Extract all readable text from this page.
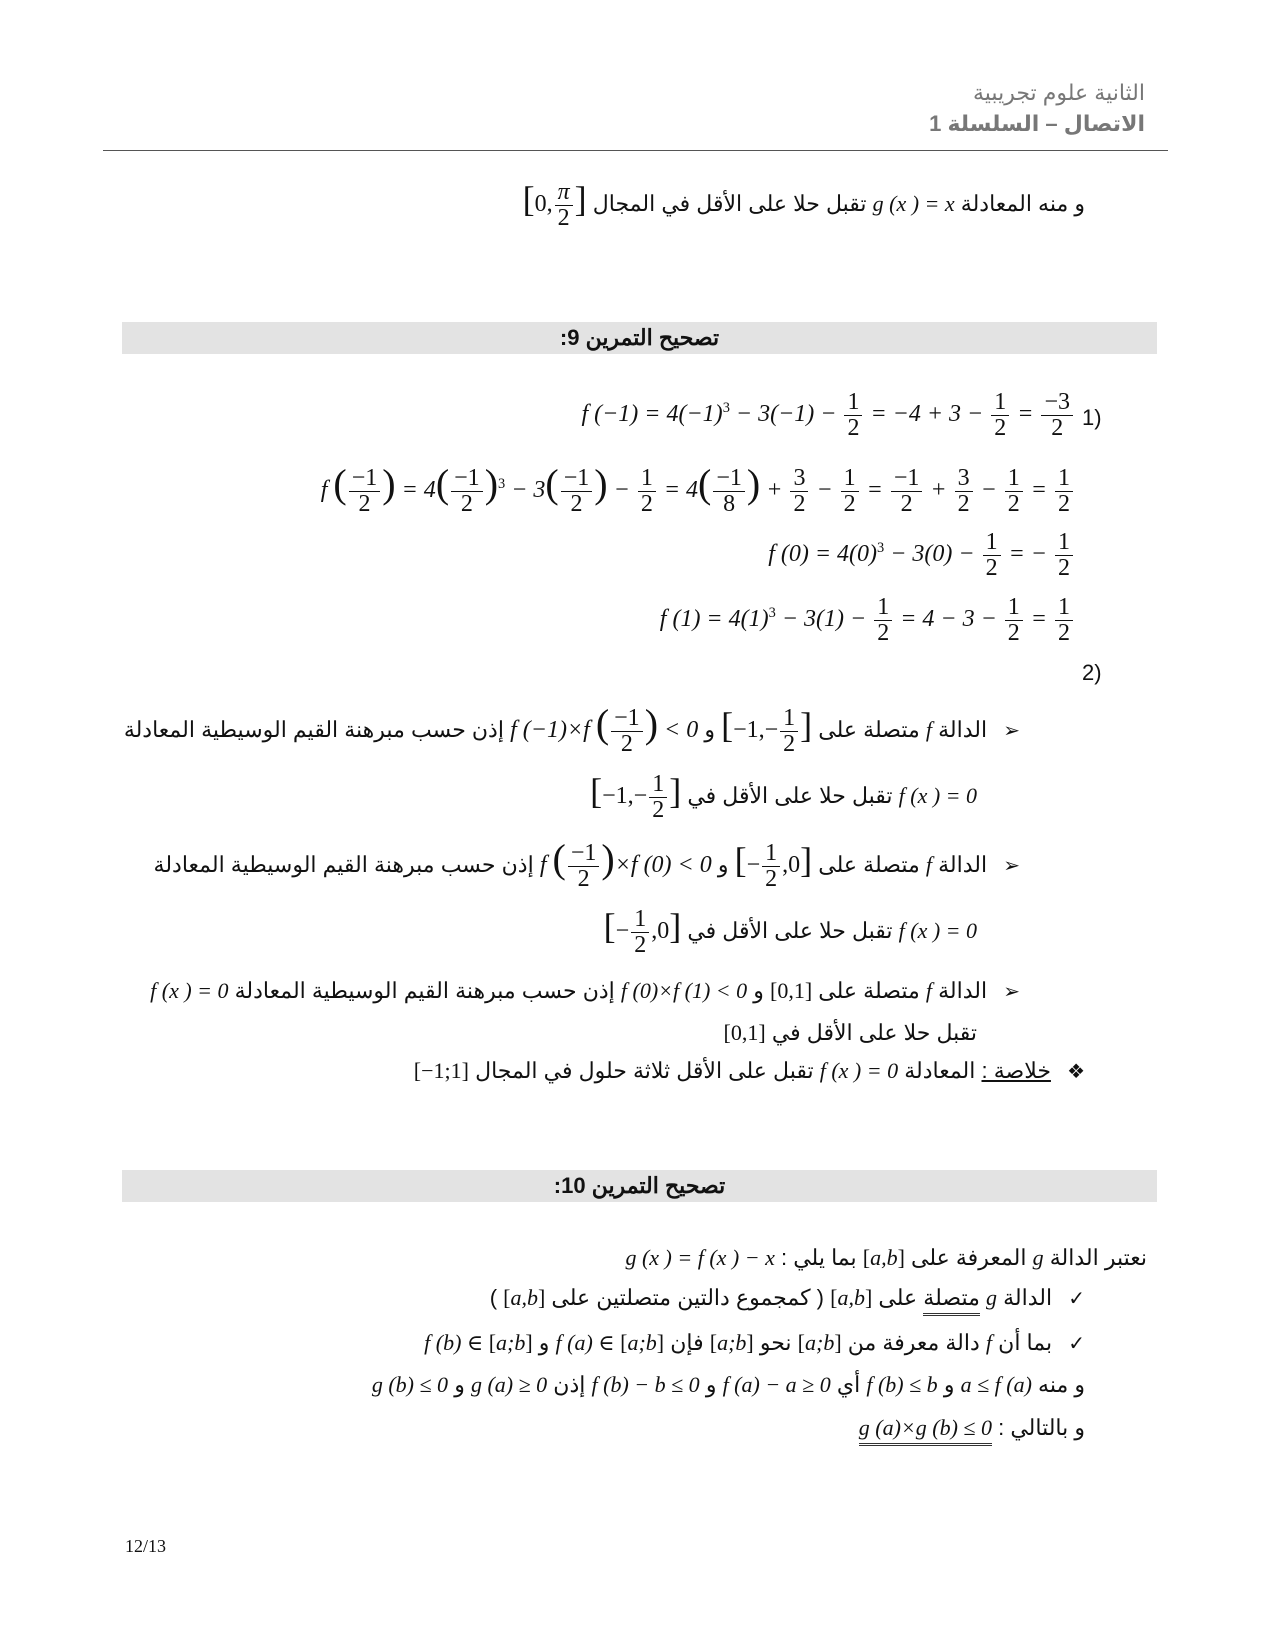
الثانية علوم تجريبية
الاتصال – السلسلة 1
و منه المعادلة g (x ) = x تقبل حلا على الأقل في المجال [0, $\frac{\pi}{2}$ ]
تصحيح التمرين 9:
(1
f $(-1) = 4(-1)^3 - 3(-1) - \frac{1}{2} = -4 + 3 - \frac{1}{2} = \frac{-3}{2}$
f ( $\frac{-1}{2}$ ) = $4( \frac{-1}{2} )^3 - 3( \frac{-1}{2}$ ) − $\frac{1}{2} = 4( \frac{-1}{8}$ ) + $\frac{3}{2} - \frac{1}{2} = \frac{-1}{2} + \frac{3}{2} - \frac{1}{2} = \frac{1}{2}$
f $(0) = 4(0)^3 - 3(0) - \frac{1}{2}$ = − $\frac{1}{2}$
f $(1) = 4(1)^3 - 3(1) - \frac{1}{2} = 4 - 3 - \frac{1}{2} = \frac{1}{2}$
(2
➢ الدالة f متصلة على [$-1,- \frac{1}{2}$ ] و f (−1)×f ( $\frac{-1}{2}$ ) < 0 إذن حسب مبرهنة القيم الوسيطية المعادلة
f (x ) = 0 تقبل حلا على الأقل في [$-1,- \frac{1}{2}$ ]
➢ الدالة f متصلة على [− $\frac{1}{2} ,0$] و f ( $\frac{-1}{2} )\times f$ (0) < 0 إذن حسب مبرهنة القيم الوسيطية المعادلة
f (x ) = 0 تقبل حلا على الأقل في [− $\frac{1}{2} ,0$]
➢ الدالة f متصلة على [0,1] و f (0)×f (1) < 0 إذن حسب مبرهنة القيم الوسيطية المعادلة f (x ) = 0
تقبل حلا على الأقل في [0,1]
❖ خلاصة : المعادلة f (x ) = 0 تقبل على الأقل ثلاثة حلول في المجال [−1;1]
تصحيح التمرين 10:
نعتبر الدالة g المعرفة على [a,b] بما يلي : g (x ) = f (x ) − x
✓ الدالة g متصلة على [a,b] ( كمجموع دالتين متصلتين على [a,b] )
✓ بما أن f دالة معرفة من [a;b] نحو [a;b] فإن f (a) ∈ [a;b] و f (b) ∈ [a;b]
و منه a ≤ f (a) و f (b) ≤ b أي f (a) − a ≥ 0 و f (b) − b ≤ 0 إذن g (a) ≥ 0 و g (b) ≤ 0
و بالتالي : g (a)×g (b) ≤ 0
12/13
